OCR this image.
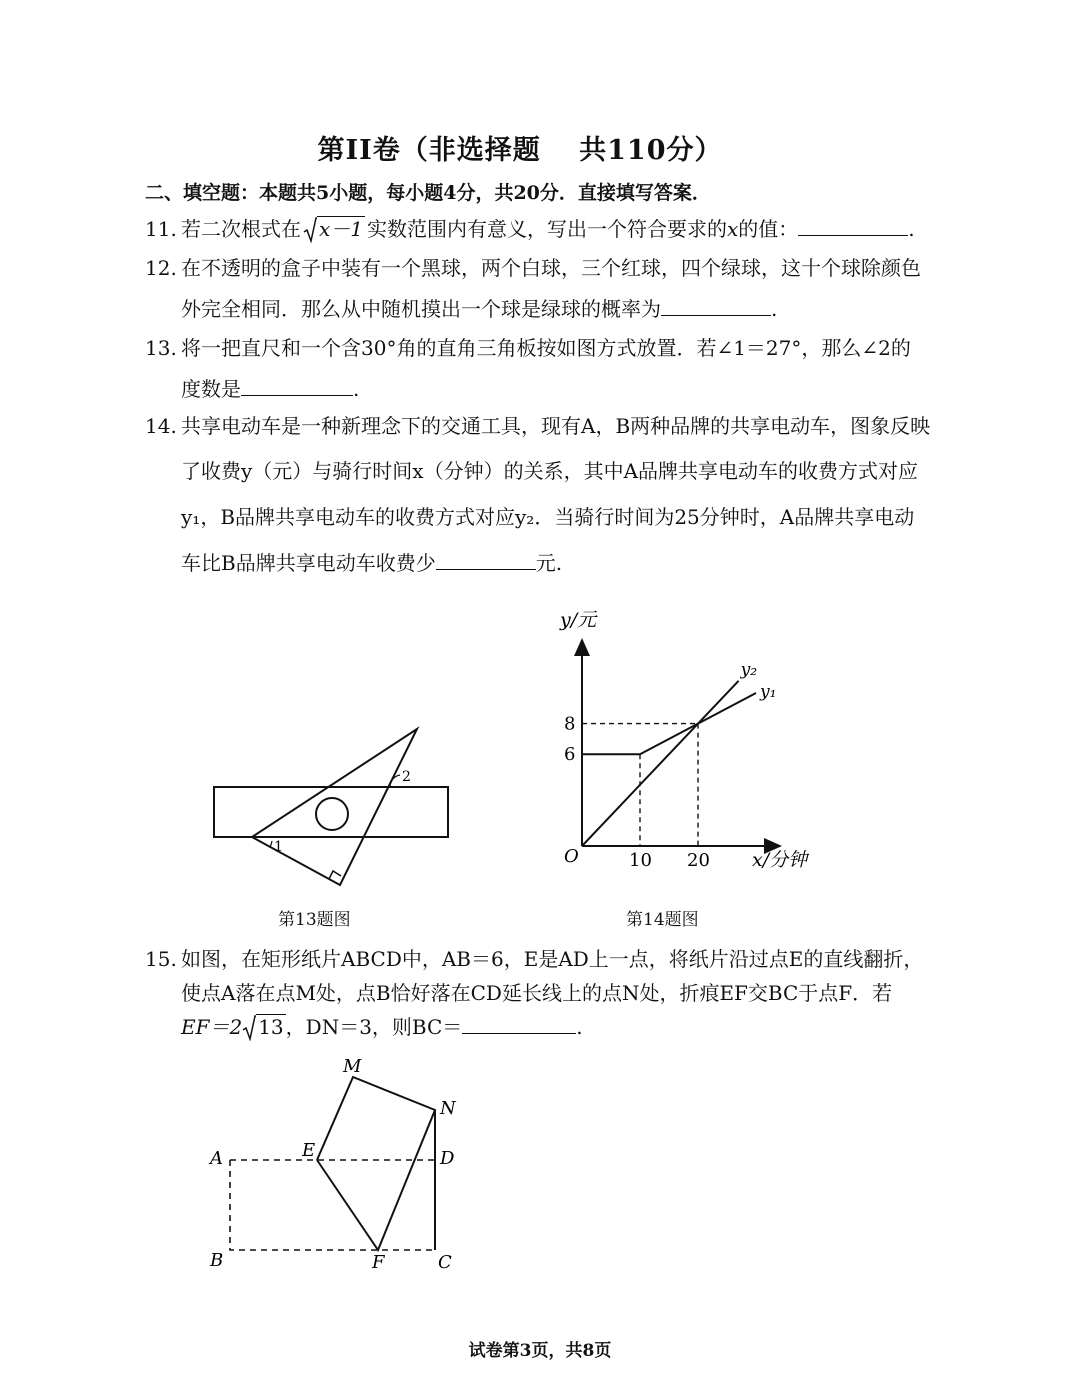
第II卷（非选择题　 共110分）
二、填空题：本题共5小题，每小题4分，共20分．直接填写答案．
11. 若二次根式在 x－1 实数范围内有意义，写出一个符合要求的x的值：	.
12. 在不透明的盒子中装有一个黑球，两个白球，三个红球，四个绿球，这十个球除颜色
外完全相同．那么从中随机摸出一个球是绿球的概率为	.
13. 将一把直尺和一个含30°角的直角三角板按如图方式放置．若∠1＝27°，那么∠2的
度数是	.
14. 共享电动车是一种新理念下的交通工具，现有A，B两种品牌的共享电动车，图象反映
了收费y（元）与骑行时间x（分钟）的关系，其中A品牌共享电动车的收费方式对应
y₁，B品牌共享电动车的收费方式对应y₂．当骑行时间为25分钟时，A品牌共享电动
车比B品牌共享电动车收费少	元.
1
2
第13题图
y/元
x/分钟
O
6
8
10 20
y₂
y₁
第14题图
15. 如图，在矩形纸片ABCD中，AB＝6，E是AD上一点，将纸片沿过点E的直线翻折，
使点A落在点M处，点B恰好落在CD延长线上的点N处，折痕EF交BC于点F．若
EF＝2 13 ，DN＝3，则BC＝	.
M
N
A	E	D
B	F	C
试卷第3页，共8页
